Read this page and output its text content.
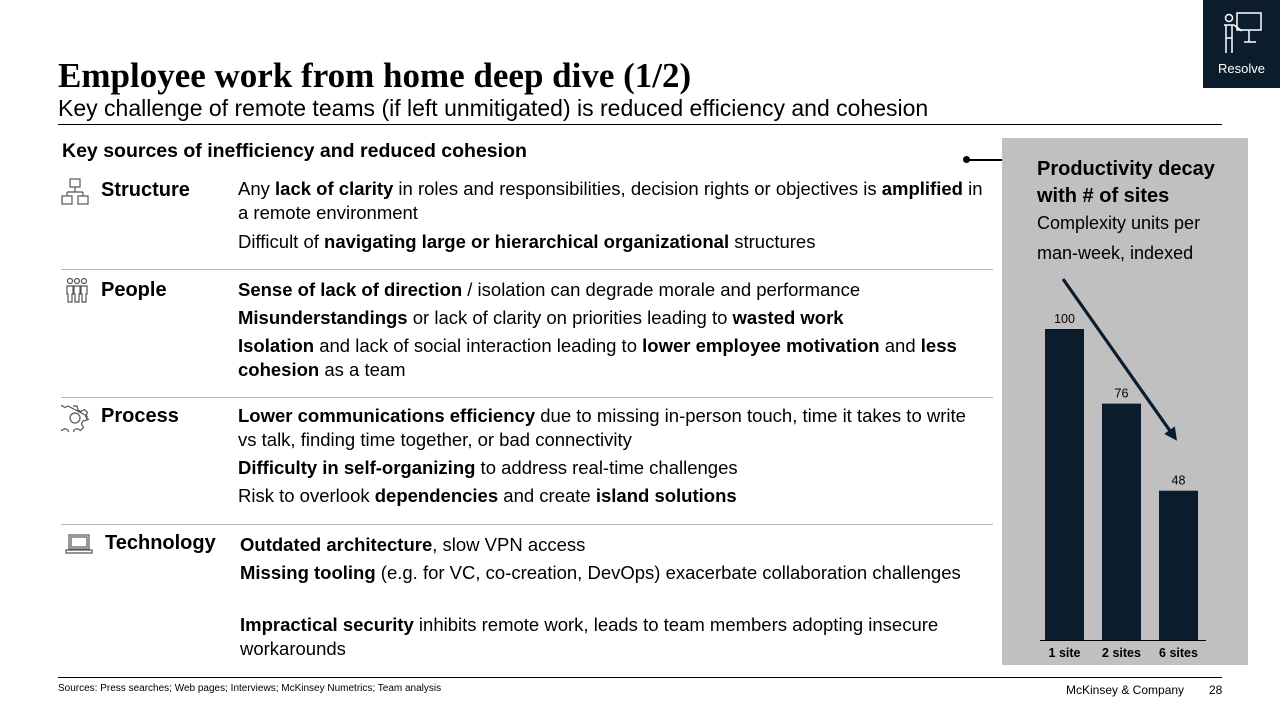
Employee work from home deep dive (1/2)
Key challenge of remote teams (if left unmitigated) is reduced efficiency and cohesion
Resolve
Key sources of inefficiency and reduced cohesion
Structure	Any lack of clarity in roles and responsibilities, decision rights or objectives is amplified in a remote environment

Difficult of navigating large or hierarchical organizational structures

People	Sense of lack of direction / isolation can degrade morale and performance

Misunderstandings or lack of clarity on priorities leading to wasted work

Isolation and lack of social interaction leading to lower employee motivation and less cohesion as a team

Process	Lower communications efficiency due to missing in-person touch, time it takes to write vs talk, finding time together, or bad connectivity

Difficulty in self-organizing to address real-time challenges

Risk to overlook dependencies and create island solutions

Technology Outdated architecture, slow VPN access

Missing tooling (e.g. for VC, co-creation, DevOps) exacerbate collaboration challenges

Impractical security inhibits remote work, leads to team members adopting insecure workarounds

Productivity decay with # of sites
Complexity units per man-week, indexed
100
1 site
76
2 sites
48
6 sites
Sources: Press searches; Web pages; Interviews; McKinsey Numetrics; Team analysis	McKinsey & Company 28
